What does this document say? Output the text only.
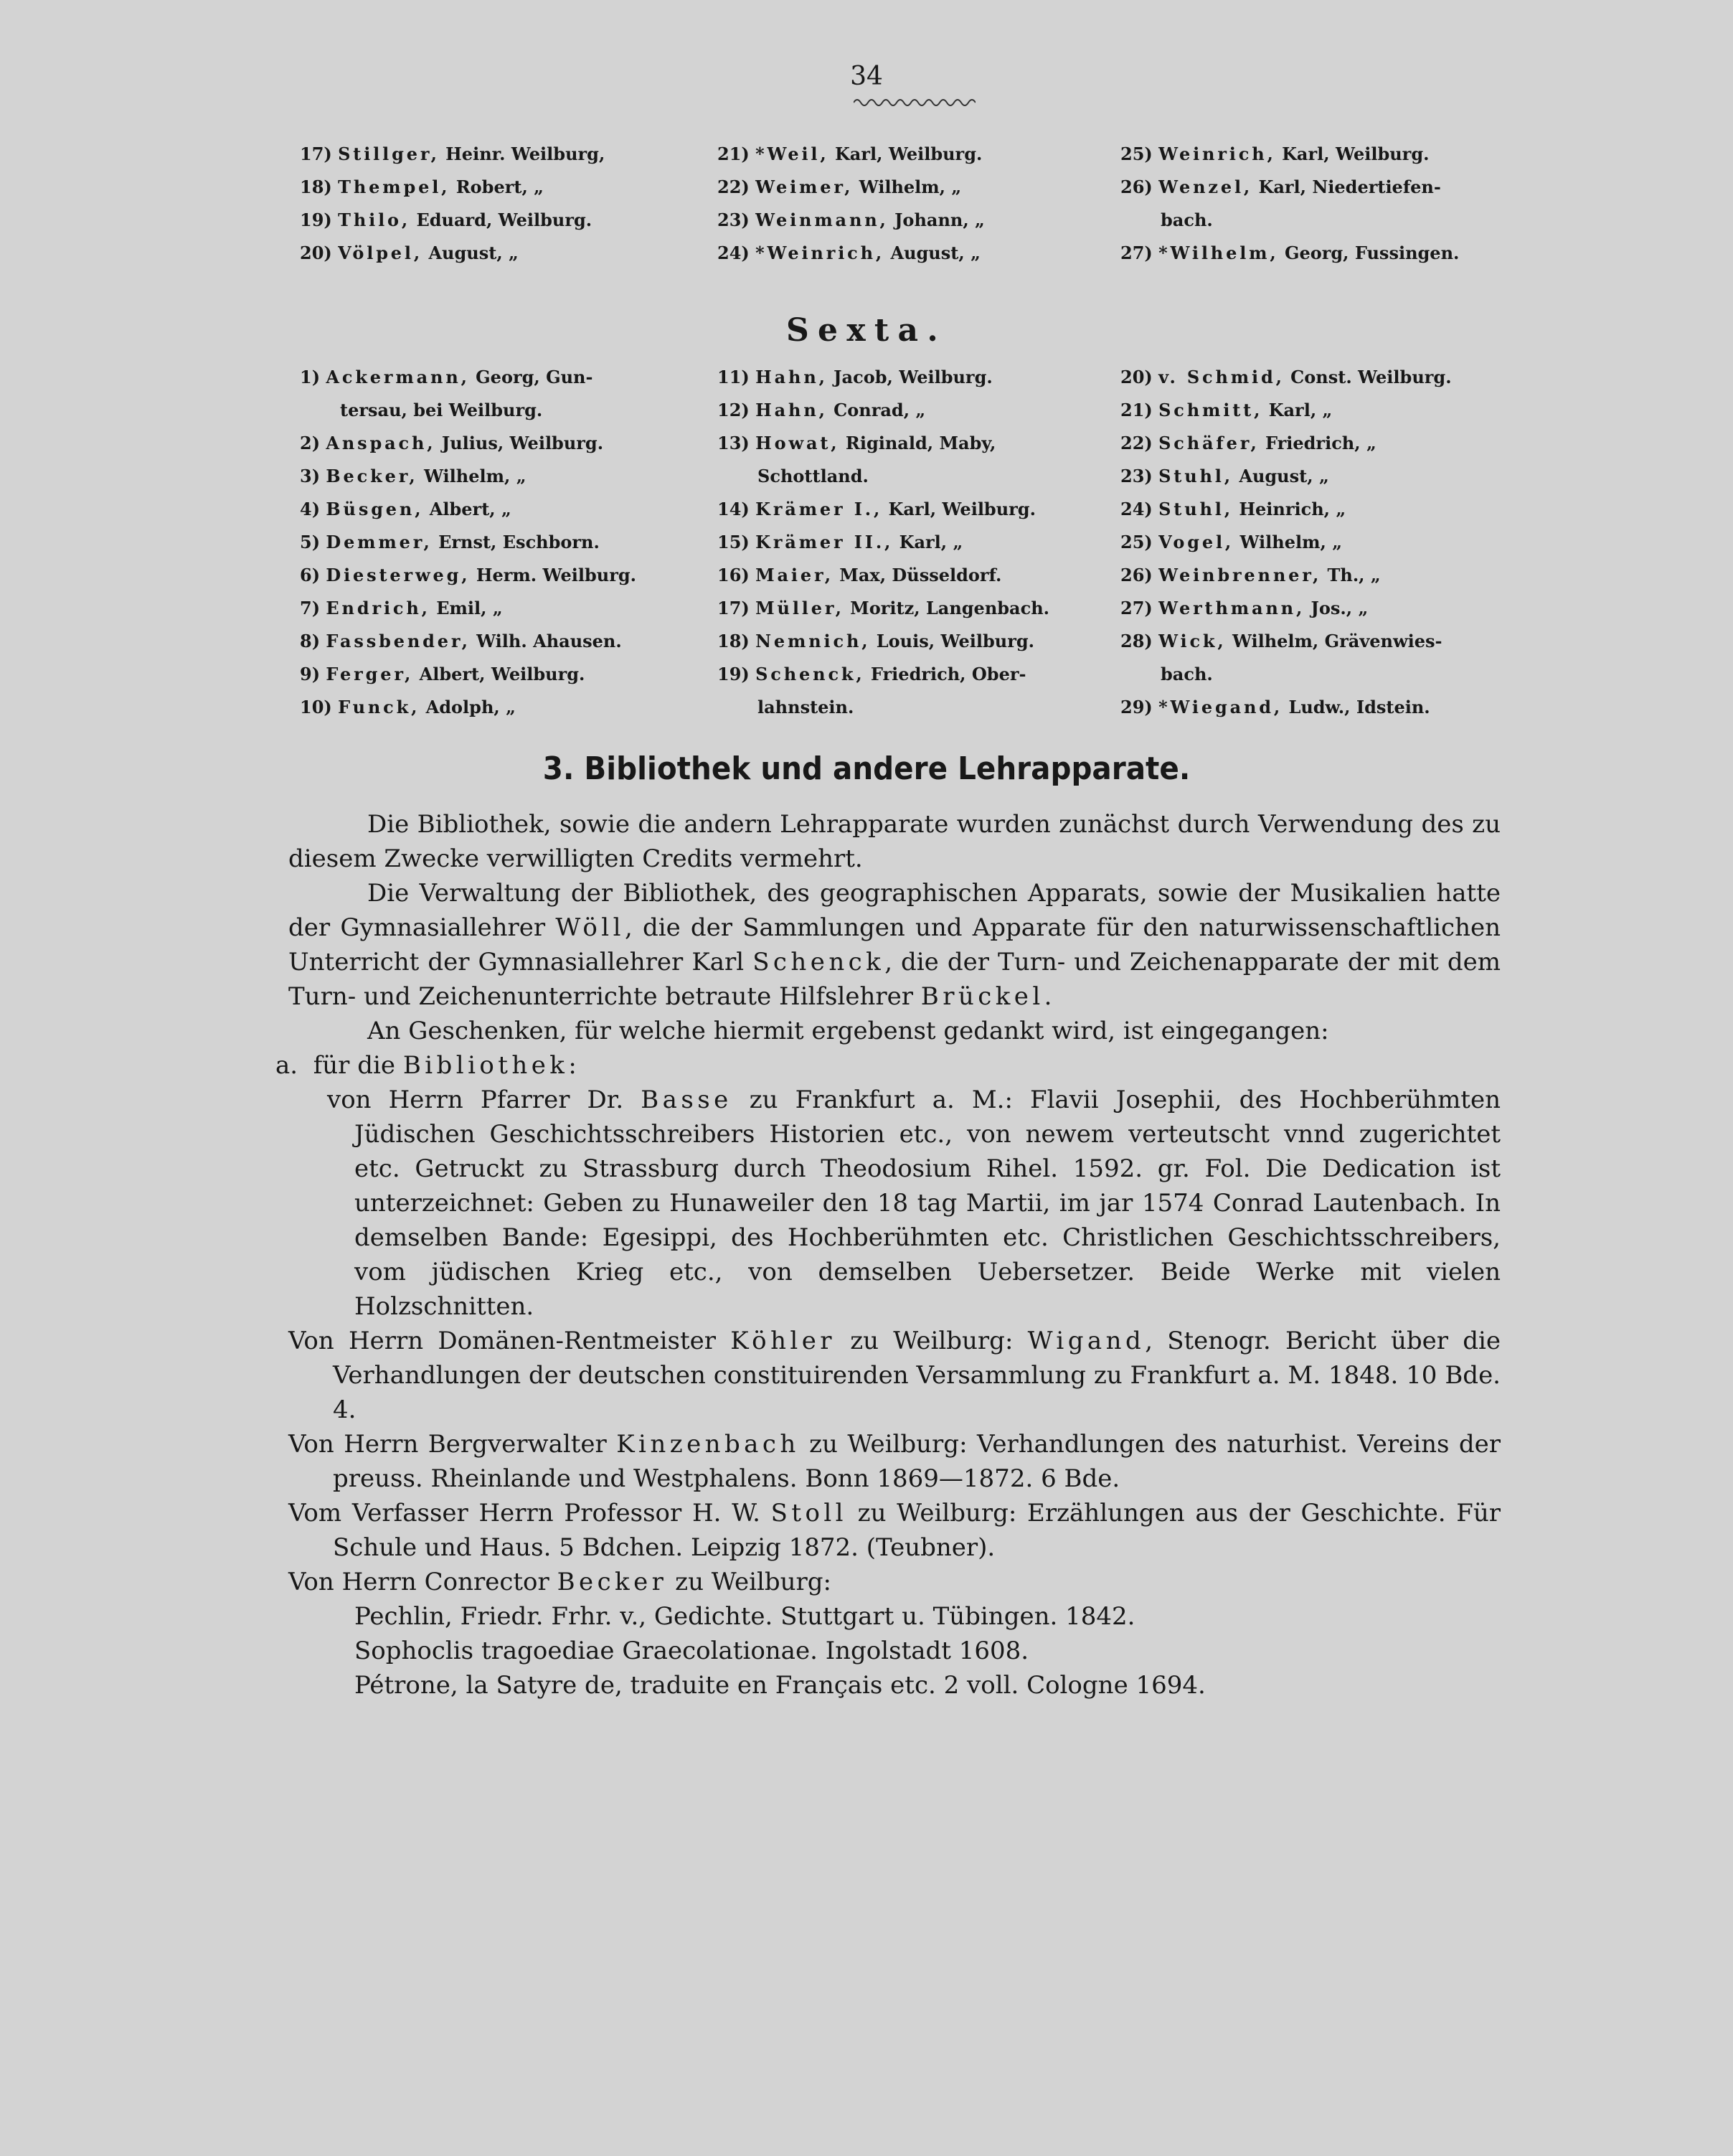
34
17) Stillger, Heinr. Weilburg,
18) Thempel, Robert, „
19) Thilo, Eduard, Weilburg.
20) Völpel, August, „
21) *Weil, Karl, Weilburg.
22) Weimer, Wilhelm, „
23) Weinmann, Johann, „
24) *Weinrich, August, „
25) Weinrich, Karl, Weilburg.
26) Wenzel, Karl, Niedertiefen-
bach.
27) *Wilhelm, Georg, Fussingen.
Sexta.
1) Ackermann, Georg, Gun-
tersau, bei Weilburg.
2) Anspach, Julius, Weilburg.
3) Becker, Wilhelm, „
4) Büsgen, Albert, „
5) Demmer, Ernst, Eschborn.
6) Diesterweg, Herm. Weilburg.
7) Endrich, Emil, „
8) Fassbender, Wilh. Ahausen.
9) Ferger, Albert, Weilburg.
10) Funck, Adolph, „
11) Hahn, Jacob, Weilburg.
12) Hahn, Conrad, „
13) Howat, Riginald, Maby,
Schottland.
14) Krämer I., Karl, Weilburg.
15) Krämer II., Karl, „
16) Maier, Max, Düsseldorf.
17) Müller, Moritz, Langenbach.
18) Nemnich, Louis, Weilburg.
19) Schenck, Friedrich, Ober-
lahnstein.
20) v. Schmid, Const. Weilburg.
21) Schmitt, Karl, „
22) Schäfer, Friedrich, „
23) Stuhl, August, „
24) Stuhl, Heinrich, „
25) Vogel, Wilhelm, „
26) Weinbrenner, Th., „
27) Werthmann, Jos., „
28) Wick, Wilhelm, Grävenwies-
bach.
29) *Wiegand, Ludw., Idstein.
3. Bibliothek und andere Lehrapparate.

Die Bibliothek, sowie die andern Lehrapparate wurden zunächst durch Verwendung des zu diesem Zwecke verwilligten Credits vermehrt.

Die Verwaltung der Bibliothek, des geographischen Apparats, sowie der Musikalien hatte der Gymnasiallehrer Wöll, die der Sammlungen und Apparate für den naturwissenschaftlichen Unterricht der Gymnasiallehrer Karl Schenck, die der Turn- und Zeichenapparate der mit dem Turn- und Zeichenunterrichte betraute Hilfslehrer Brückel.

An Geschenken, für welche hiermit ergebenst gedankt wird, ist eingegangen:

a. für die Bibliothek:

von Herrn Pfarrer Dr. Basse zu Frankfurt a. M.: Flavii Josephii, des Hochberühmten Jüdischen Geschichtsschreibers Historien etc., von newem verteutscht vnnd zugerichtet etc. Getruckt zu Strassburg durch Theodosium Rihel. 1592. gr. Fol. Die Dedication ist unterzeichnet: Geben zu Hunaweiler den 18 tag Martii, im jar 1574 Conrad Lautenbach. In demselben Bande: Egesippi, des Hochberühmten etc. Christlichen Geschichtsschreibers, vom jüdischen Krieg etc., von demselben Uebersetzer. Beide Werke mit vielen Holzschnitten.

Von Herrn Domänen-Rentmeister Köhler zu Weilburg: Wigand, Stenogr. Bericht über die Verhandlungen der deutschen constituirenden Versammlung zu Frankfurt a. M. 1848. 10 Bde. 4.

Von Herrn Bergverwalter Kinzenbach zu Weilburg: Verhandlungen des naturhist. Vereins der preuss. Rheinlande und Westphalens. Bonn 1869—1872. 6 Bde.

Vom Verfasser Herrn Professor H. W. Stoll zu Weilburg: Erzählungen aus der Geschichte. Für Schule und Haus. 5 Bdchen. Leipzig 1872. (Teubner).

Von Herrn Conrector Becker zu Weilburg:

Pechlin, Friedr. Frhr. v., Gedichte. Stuttgart u. Tübingen. 1842.

Sophoclis tragoediae Graecolationae. Ingolstadt 1608.

Pétrone, la Satyre de, traduite en Français etc. 2 voll. Cologne 1694.
